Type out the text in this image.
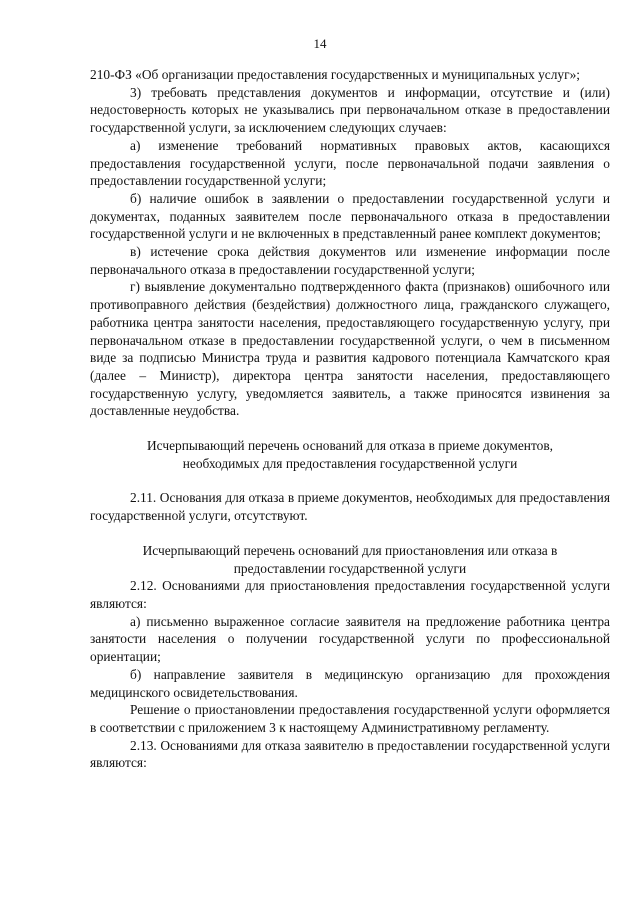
14

210-ФЗ «Об организации предоставления государственных и муниципальных услуг»;

3) требовать представления документов и информации, отсутствие и (или) недостоверность которых не указывались при первоначальном отказе в предоставлении государственной услуги, за исключением следующих случаев:

а) изменение требований нормативных правовых актов, касающихся предоставления государственной услуги, после первоначальной подачи заявления о предоставлении государственной услуги;

б) наличие ошибок в заявлении о предоставлении государственной услуги и документах, поданных заявителем после первоначального отказа в предоставлении государственной услуги и не включенных в представленный ранее комплект документов;

в) истечение срока действия документов или изменение информации после первоначального отказа в предоставлении государственной услуги;

г) выявление документально подтвержденного факта (признаков) ошибочного или противоправного действия (бездействия) должностного лица, гражданского служащего, работника центра занятости населения, предоставляющего государственную услугу, при первоначальном отказе в предоставлении государственной услуги, о чем в письменном виде за подписью Министра труда и развития кадрового потенциала Камчатского края (далее – Министр), директора центра занятости населения, предоставляющего государственную услугу, уведомляется заявитель, а также приносятся извинения за доставленные неудобства.

Исчерпывающий перечень оснований для отказа в приеме документов, необходимых для предоставления государственной услуги

2.11. Основания для отказа в приеме документов, необходимых для предоставления государственной услуги, отсутствуют.

Исчерпывающий перечень оснований для приостановления или отказа в предоставлении государственной услуги

2.12. Основаниями для приостановления предоставления государственной услуги являются:

а) письменно выраженное согласие заявителя на предложение работника центра занятости населения о получении государственной услуги по профессиональной ориентации;

б) направление заявителя в медицинскую организацию для прохождения медицинского освидетельствования.

Решение о приостановлении предоставления государственной услуги оформляется в соответствии с приложением 3 к настоящему Административному регламенту.

2.13. Основаниями для отказа заявителю в предоставлении государственной услуги являются:
